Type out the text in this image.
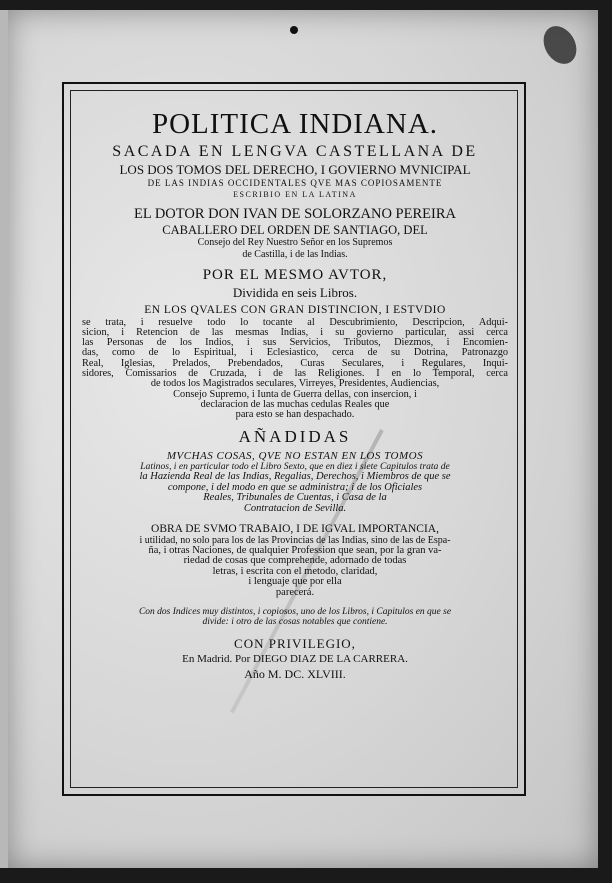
POLITICA INDIANA.
SACADA EN LENGVA CASTELLANA DE
LOS DOS TOMOS DEL DERECHO, I GOVIERNO MVNICIPAL
DE LAS INDIAS OCCIDENTALES QVE MAS COPIOSAMENTE
ESCRIBIO EN LA LATINA
EL DOTOR DON IVAN DE SOLORZANO PEREIRA
CABALLERO DEL ORDEN DE SANTIAGO, DEL
Consejo del Rey Nuestro Señor en los Supremos
de Castilla, i de las Indias.
POR EL MESMO AVTOR,
Dividida en seis Libros.
EN LOS QVALES CON GRAN DISTINCION, I ESTVDIO
se trata, i resuelve todo lo tocante al Descubrimiento, Descripcion, Adqui-
sicion, i Retencion de las mesmas Indias, i su govierno particular, assi cerca
las Personas de los Indios, i sus Servicios, Tributos, Diezmos, i Encomien-
das, como de lo Espiritual, i Eclesiastico, cerca de su Dotrina, Patronazgo
Real, Iglesias, Prelados, Prebendados, Curas Seculares, i Regulares, Inqui-
sidores, Comissarios de Cruzada, i de las Religiones. I en lo Temporal, cerca
de todos los Magistrados seculares, Virreyes, Presidentes, Audiencias,
Consejo Supremo, i Iunta de Guerra dellas, con insercion, i
declaracion de las muchas cedulas Reales que
para esto se han despachado.
AÑADIDAS
MVCHAS COSAS, QVE NO ESTAN EN LOS TOMOS
Latinos, i en particular todo el Libro Sexto, que en diez i siete Capitulos trata de
la Hazienda Real de las Indias, Regalias, Derechos, i Miembros de que se
compone, i del modo en que se administra; i de los Oficiales
Reales, Tribunales de Cuentas, i Casa de la
Contratacion de Sevilla.
OBRA DE SVMO TRABAIO, I DE IGVAL IMPORTANCIA,
i utilidad, no solo para los de las Provincias de las Indias, sino de las de Espa-
ña, i otras Naciones, de qualquier Profession que sean, por la gran va-
riedad de cosas que comprehende, adornado de todas
letras, i escrita con el metodo, claridad,
i lenguaje que por ella
parecerá.
Con dos Indices muy distintos, i copiosos, uno de los Libros, i Capitulos en que se
divide: i otro de las cosas notables que contiene.
CON PRIVILEGIO,
En Madrid. Por DIEGO DIAZ DE LA CARRERA.
Año M. DC. XLVIII.
